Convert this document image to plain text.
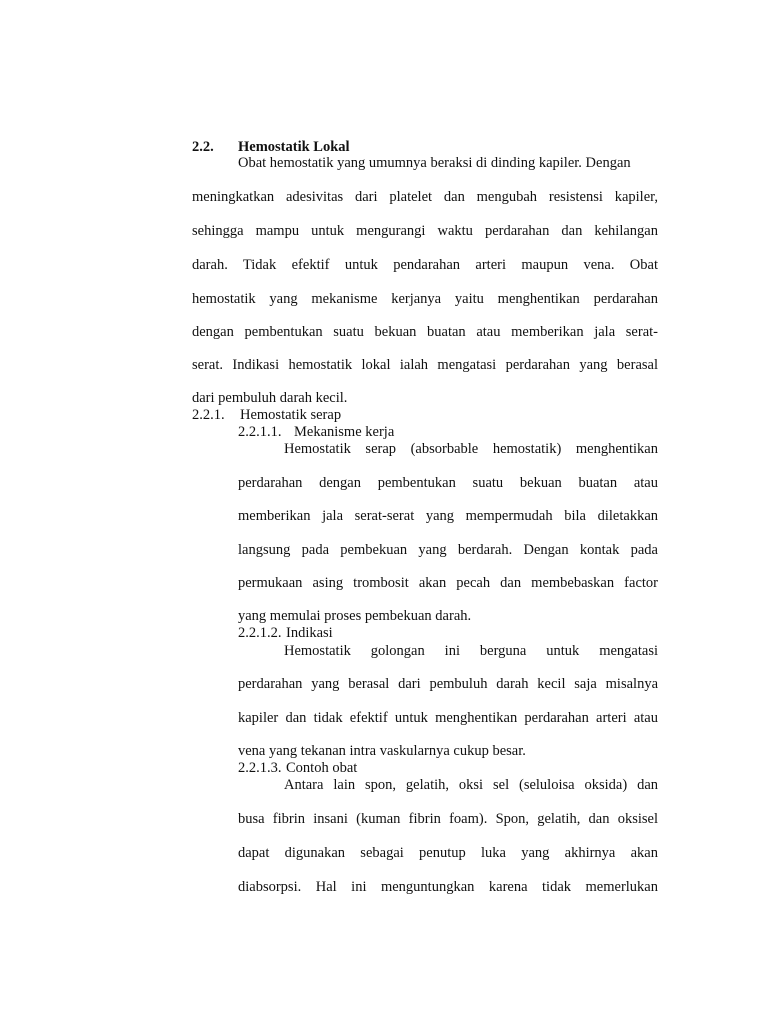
2.2. Hemostatik Lokal
Obat hemostatik yang umumnya beraksi di dinding kapiler. Dengan
meningkatkan adesivitas dari platelet dan mengubah resistensi kapiler,
sehingga mampu untuk mengurangi waktu perdarahan dan kehilangan
darah. Tidak efektif untuk pendarahan arteri maupun vena. Obat
hemostatik yang mekanisme kerjanya yaitu menghentikan perdarahan
dengan pembentukan suatu bekuan buatan atau memberikan jala serat-
serat. Indikasi hemostatik lokal ialah mengatasi perdarahan yang berasal
dari pembuluh darah kecil.
2.2.1. Hemostatik serap
2.2.1.1. Mekanisme kerja
Hemostatik serap (absorbable hemostatik) menghentikan
perdarahan dengan pembentukan suatu bekuan buatan atau
memberikan jala serat-serat yang mempermudah bila diletakkan
langsung pada pembekuan yang berdarah. Dengan kontak pada
permukaan asing trombosit akan pecah dan membebaskan factor
yang memulai proses pembekuan darah.
2.2.1.2. Indikasi
Hemostatik golongan ini berguna untuk mengatasi
perdarahan yang berasal dari pembuluh darah kecil saja misalnya
kapiler dan tidak efektif untuk menghentikan perdarahan arteri atau
vena yang tekanan intra vaskularnya cukup besar.
2.2.1.3. Contoh obat
Antara lain spon, gelatih, oksi sel (seluloisa oksida) dan
busa fibrin insani (kuman fibrin foam). Spon, gelatih, dan oksisel
dapat digunakan sebagai penutup luka yang akhirnya akan
diabsorpsi. Hal ini menguntungkan karena tidak memerlukan
